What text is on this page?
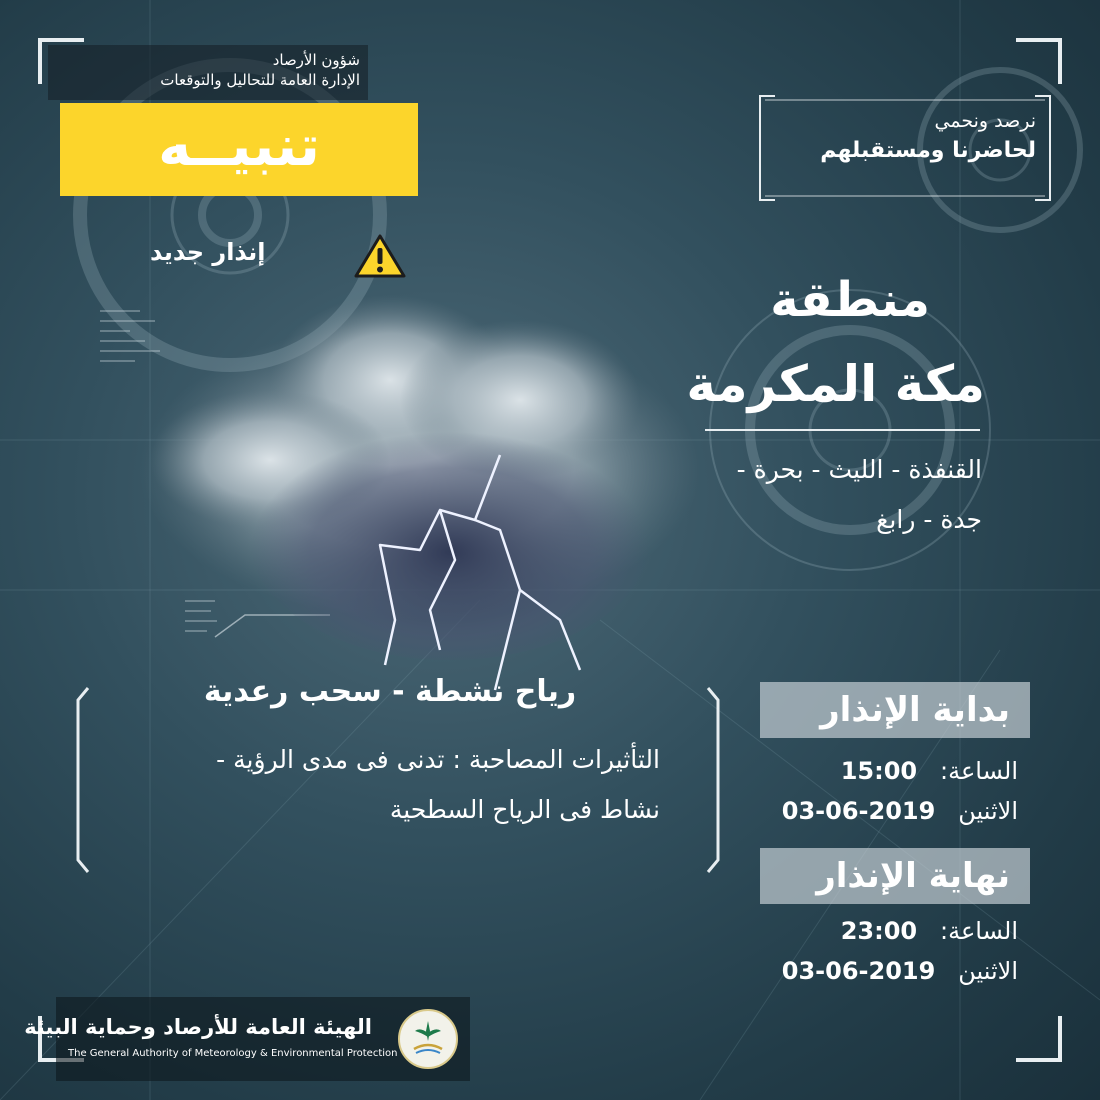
شؤون الأرصاد
الإدارة العامة للتحاليل والتوقعات
تنبيــه
إنذار جديد
نرصد ونحمي
لحاضرنا ومستقبلهم
منطقة
مكة المكرمة
القنفذة - الليث - بحرة -
جدة - رابغ
رياح نشطة - سحب رعدية
التأثيرات المصاحبة : تدنى فى مدى الرؤية -
نشاط فى الرياح السطحية
بداية الإنذار
الساعة:   15:00
الاثنين   2019-06-03
نهاية الإنذار
الساعة:   23:00
الاثنين   2019-06-03
الهيئة العامة للأرصاد وحماية البيئة
The General Authority of Meteorology & Environmental Protection
